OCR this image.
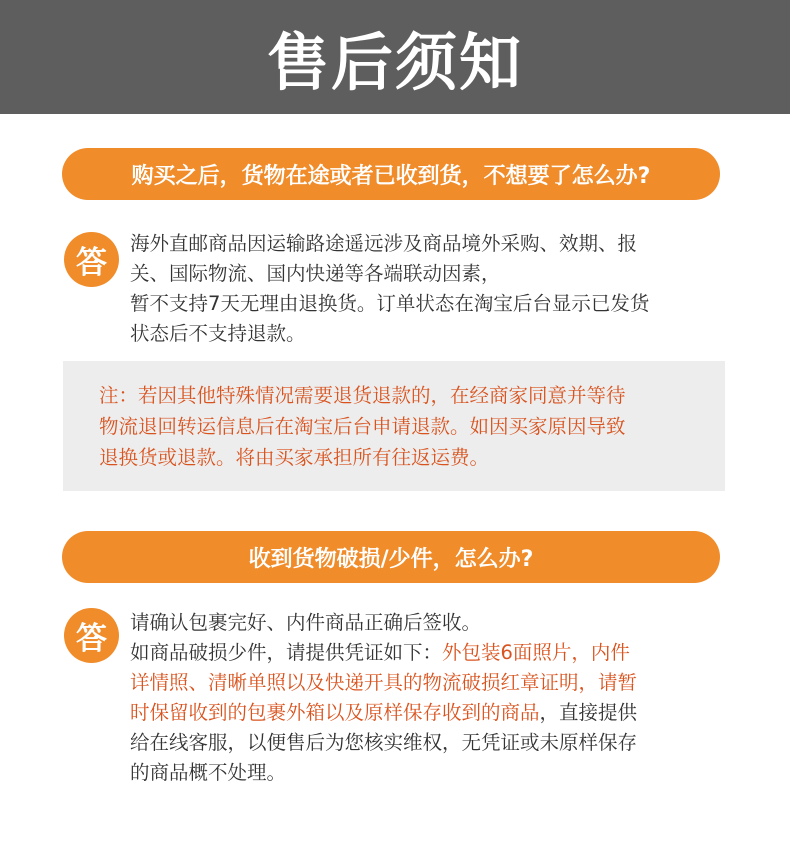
售后须知
购买之后，货物在途或者已收到货，不想要了怎么办?
答
海外直邮商品因运输路途遥远涉及商品境外采购、效期、报
关、国际物流、国内快递等各端联动因素，
暂不支持7天无理由退换货。订单状态在淘宝后台显示已发货
状态后不支持退款。
注：若因其他特殊情况需要退货退款的，在经商家同意并等待
物流退回转运信息后在淘宝后台申请退款。如因买家原因导致
退换货或退款。将由买家承担所有往返运费。
收到货物破损/少件，怎么办?
答	请确认包裹完好、内件商品正确后签收。
如商品破损少件，请提供凭证如下：外包装6面照片，内件
详情照、清晰单照以及快递开具的物流破损红章证明，请暂
时保留收到的包裹外箱以及原样保存收到的商品，直接提供
给在线客服，以便售后为您核实维权，无凭证或未原样保存
的商品概不处理。
